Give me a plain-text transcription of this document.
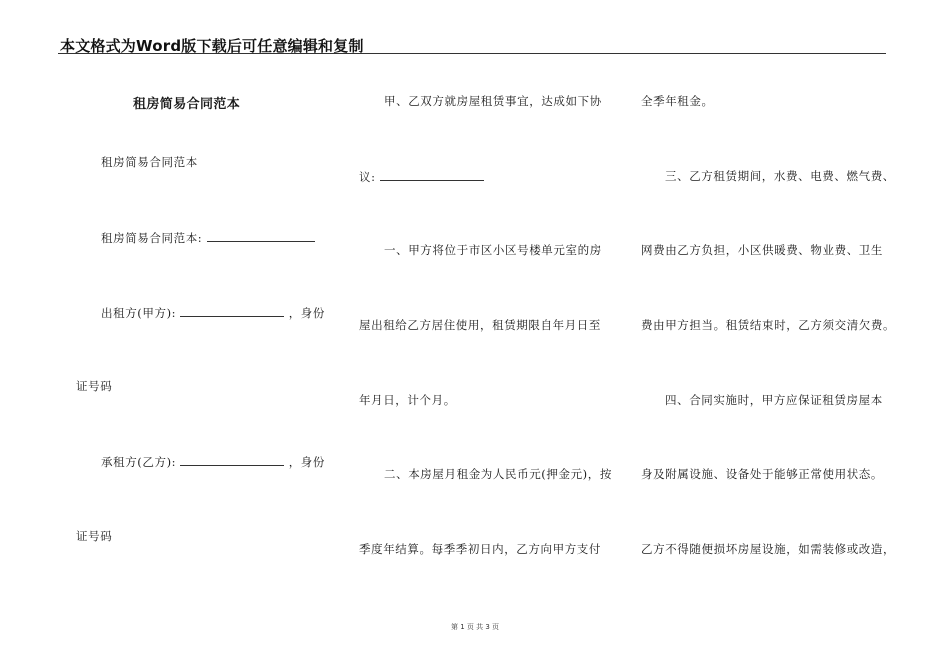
本文格式为Word版下载后可任意编辑和复制
租房简易合同范本
租房简易合同范本
租房简易合同范本:
出租方(甲方):	，身份
证号码
承租方(乙方):	，身份
证号码
甲、乙双方就房屋租赁事宜，达成如下协
议:
一、甲方将位于市区小区号楼单元室的房
屋出租给乙方居住使用，租赁期限自年月日至
年月日，计个月。
二、本房屋月租金为人民币元(押金元)，按
季度年结算。每季季初日内，乙方向甲方支付
全季年租金。
三、乙方租赁期间，水费、电费、燃气费、
网费由乙方负担，小区供暖费、物业费、卫生
费由甲方担当。租赁结束时，乙方须交清欠费。
四、合同实施时，甲方应保证租赁房屋本
身及附属设施、设备处于能够正常使用状态。
乙方不得随便损坏房屋设施，如需装修或改造，
第 1 页 共 3 页
